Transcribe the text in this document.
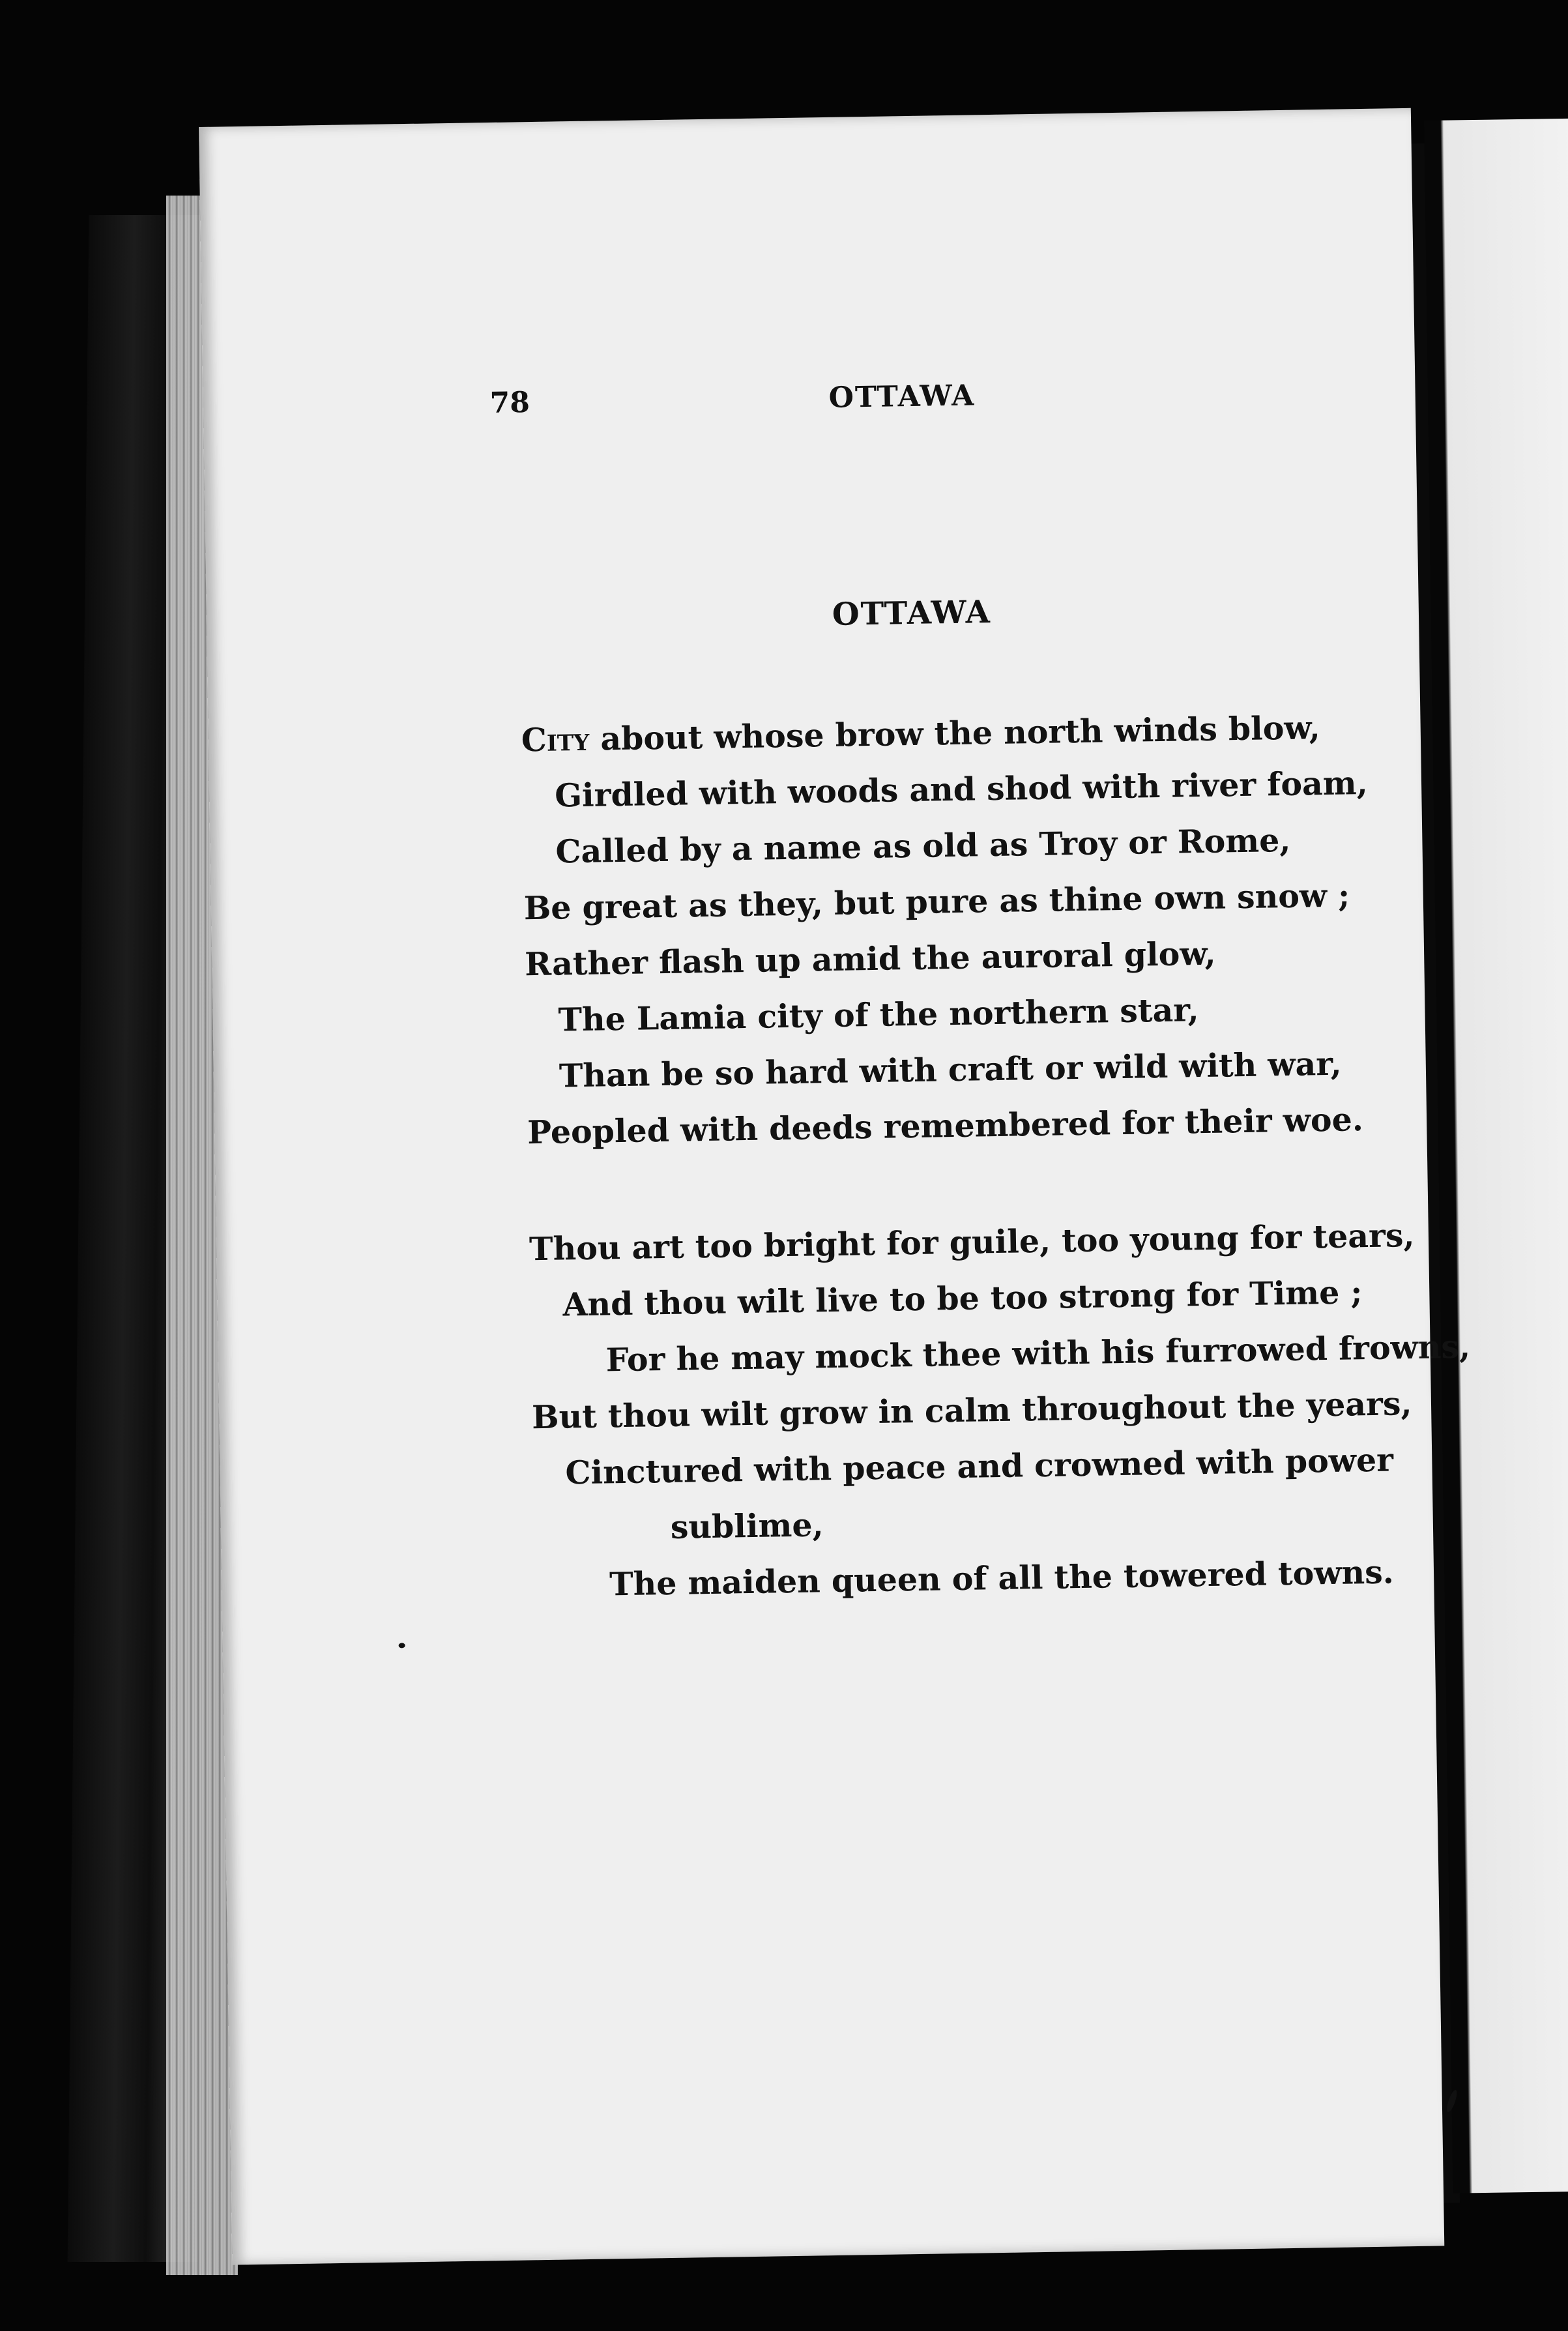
78	OTTAWA
OTTAWA
City about whose brow the north winds blow,
Girdled with woods and shod with river foam,
Called by a name as old as Troy or Rome,
Be great as they, but pure as thine own snow ;
Rather flash up amid the auroral glow,
The Lamia city of the northern star,
Than be so hard with craft or wild with war,
Peopled with deeds remembered for their woe.
Thou art too bright for guile, too young for tears,
And thou wilt live to be too strong for Time ;
For he may mock thee with his furrowed frowns,
But thou wilt grow in calm throughout the years,
Cinctured with peace and crowned with power
sublime,
The maiden queen of all the towered towns.
